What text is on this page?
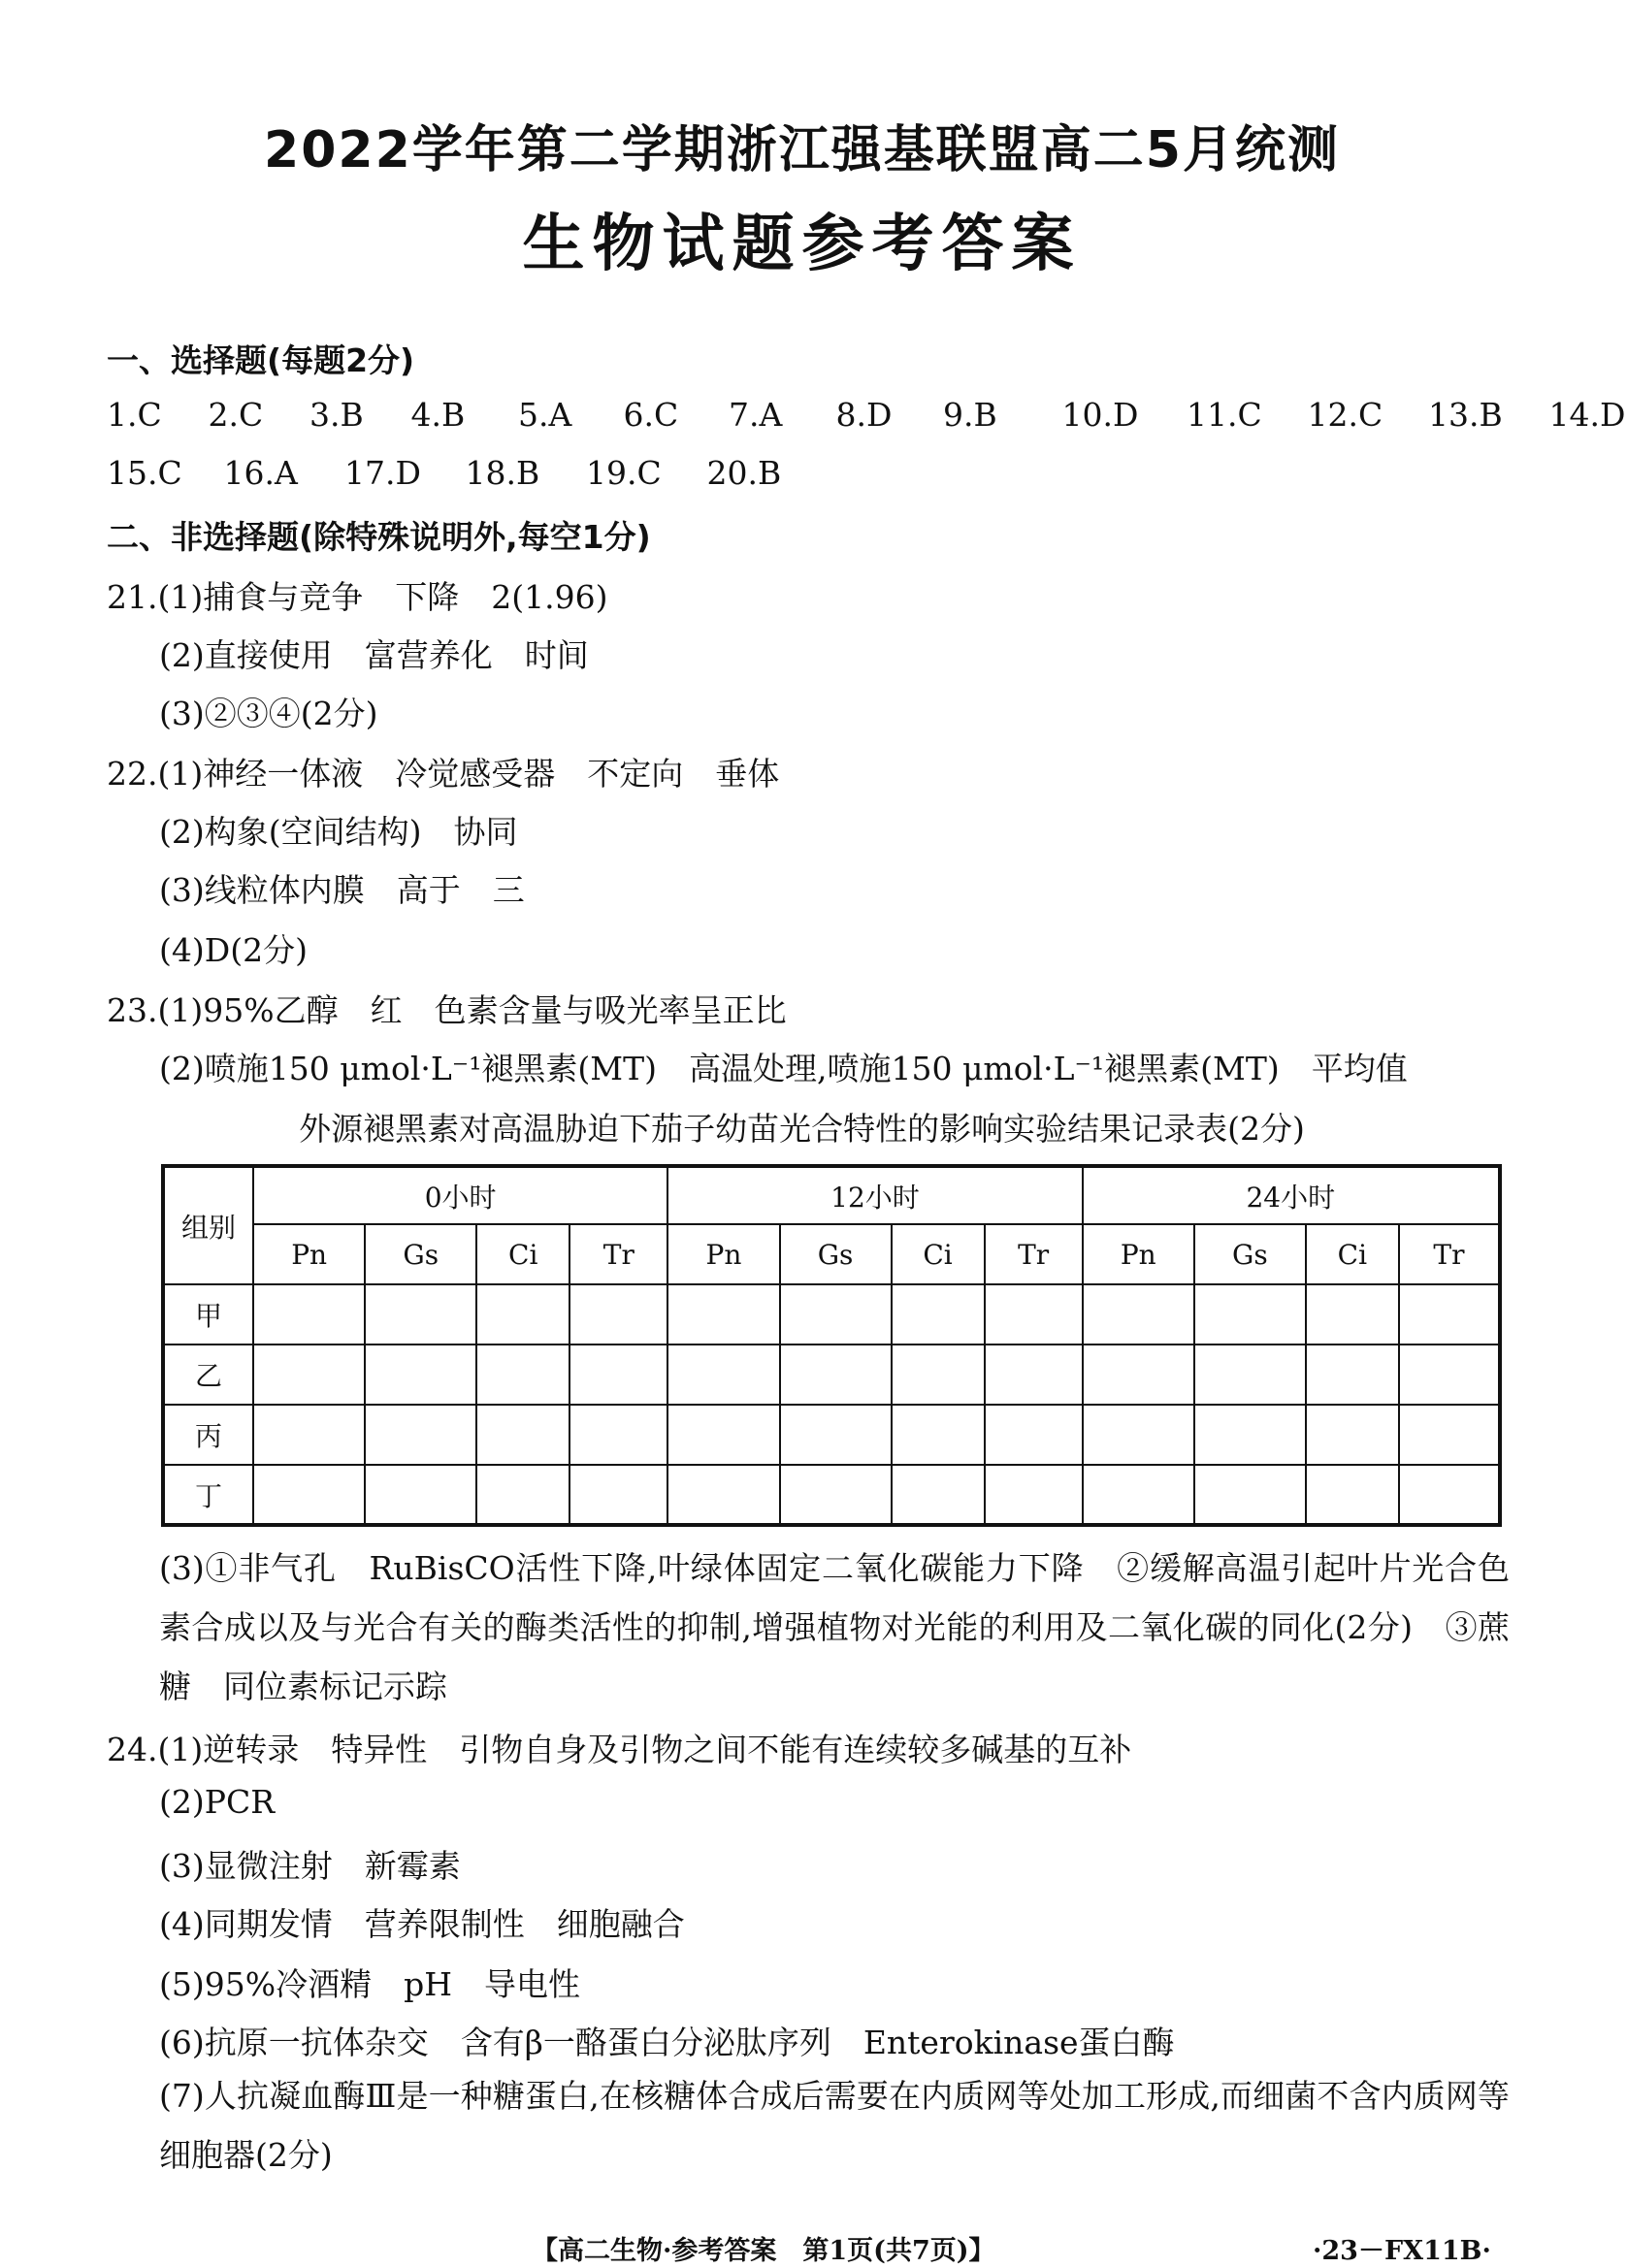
2022学年第二学期浙江强基联盟高二5月统测
生物试题参考答案
一、选择题(每题2分)
1.C 2.C 3.B 4.B 5.A 6.C 7.A 8.D 9.B 10.D 11.C 12.C 13.B 14.D
15.C 16.A 17.D 18.B 19.C 20.B
二、非选择题(除特殊说明外,每空1分)
21.(1)捕食与竞争　下降　2(1.96)
(2)直接使用　富营养化　时间
(3)②③④(2分)
22.(1)神经一体液　冷觉感受器　不定向　垂体
(2)构象(空间结构)　协同
(3)线粒体内膜　高于　三
(4)D(2分)
23.(1)95%乙醇　红　色素含量与吸光率呈正比
(2)喷施150 μmol·L⁻¹褪黑素(MT)　高温处理,喷施150 μmol·L⁻¹褪黑素(MT)　平均值
外源褪黑素对高温胁迫下茄子幼苗光合特性的影响实验结果记录表(2分)
组别	0小时				12小时				24小时			
	Pn	Gs	Ci	Tr	Pn	Gs	Ci	Tr	Pn	Gs	Ci	Tr
甲												
乙												
丙												
丁												
(3)①非气孔　RuBisCO活性下降,叶绿体固定二氧化碳能力下降　②缓解高温引起叶片光合色素合成以及与光合有关的酶类活性的抑制,增强植物对光能的利用及二氧化碳的同化(2分)　③蔗糖　同位素标记示踪
24.(1)逆转录　特异性　引物自身及引物之间不能有连续较多碱基的互补
(2)PCR
(3)显微注射　新霉素
(4)同期发情　营养限制性　细胞融合
(5)95%冷酒精　pH　导电性
(6)抗原一抗体杂交　含有β一酪蛋白分泌肽序列　Enterokinase蛋白酶
(7)人抗凝血酶Ⅲ是一种糖蛋白,在核糖体合成后需要在内质网等处加工形成,而细菌不含内质网等细胞器(2分)
【高二生物·参考答案　第1页(共7页)】	·23－FX11B·
